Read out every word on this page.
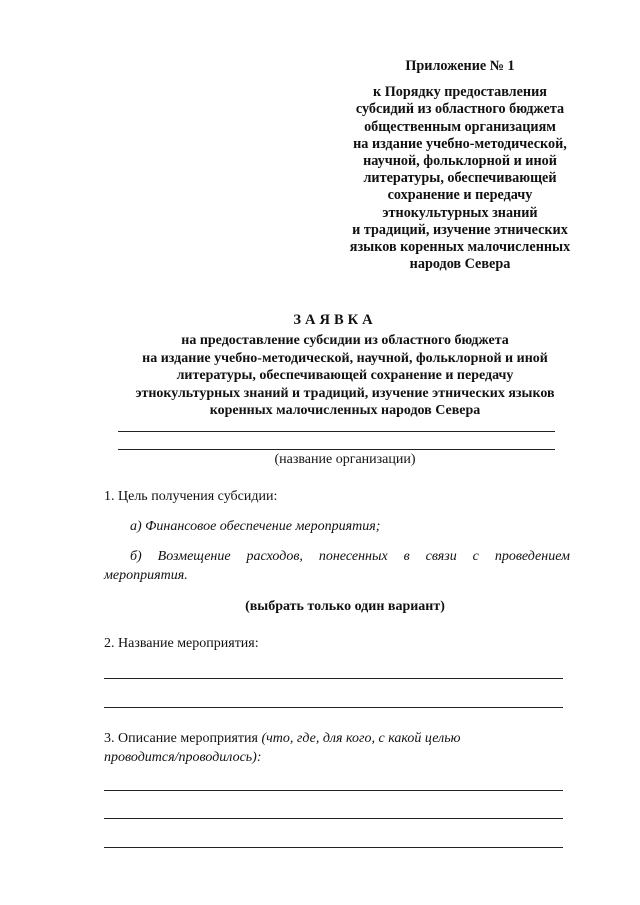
Приложение № 1
к Порядку предоставления
субсидий из областного бюджета
общественным организациям
на издание учебно-методической,
научной, фольклорной и иной
литературы, обеспечивающей
сохранение и передачу
этнокультурных знаний
и традиций, изучение этнических
языков коренных малочисленных
народов Севера
ЗАЯВКА
на предоставление субсидии из областного бюджета
на издание учебно-методической, научной, фольклорной и иной
литературы, обеспечивающей сохранение и передачу
этнокультурных знаний и традиций, изучение этнических языков
коренных малочисленных народов Севера
(название организации)
1. Цель получения субсидии:
а) Финансовое обеспечение мероприятия;
б) Возмещение расходов, понесенных в связи с проведением
мероприятия.
(выбрать только один вариант)
2. Название мероприятия:
3. Описание мероприятия (что, где, для кого, с какой целью
проводится/проводилось):
